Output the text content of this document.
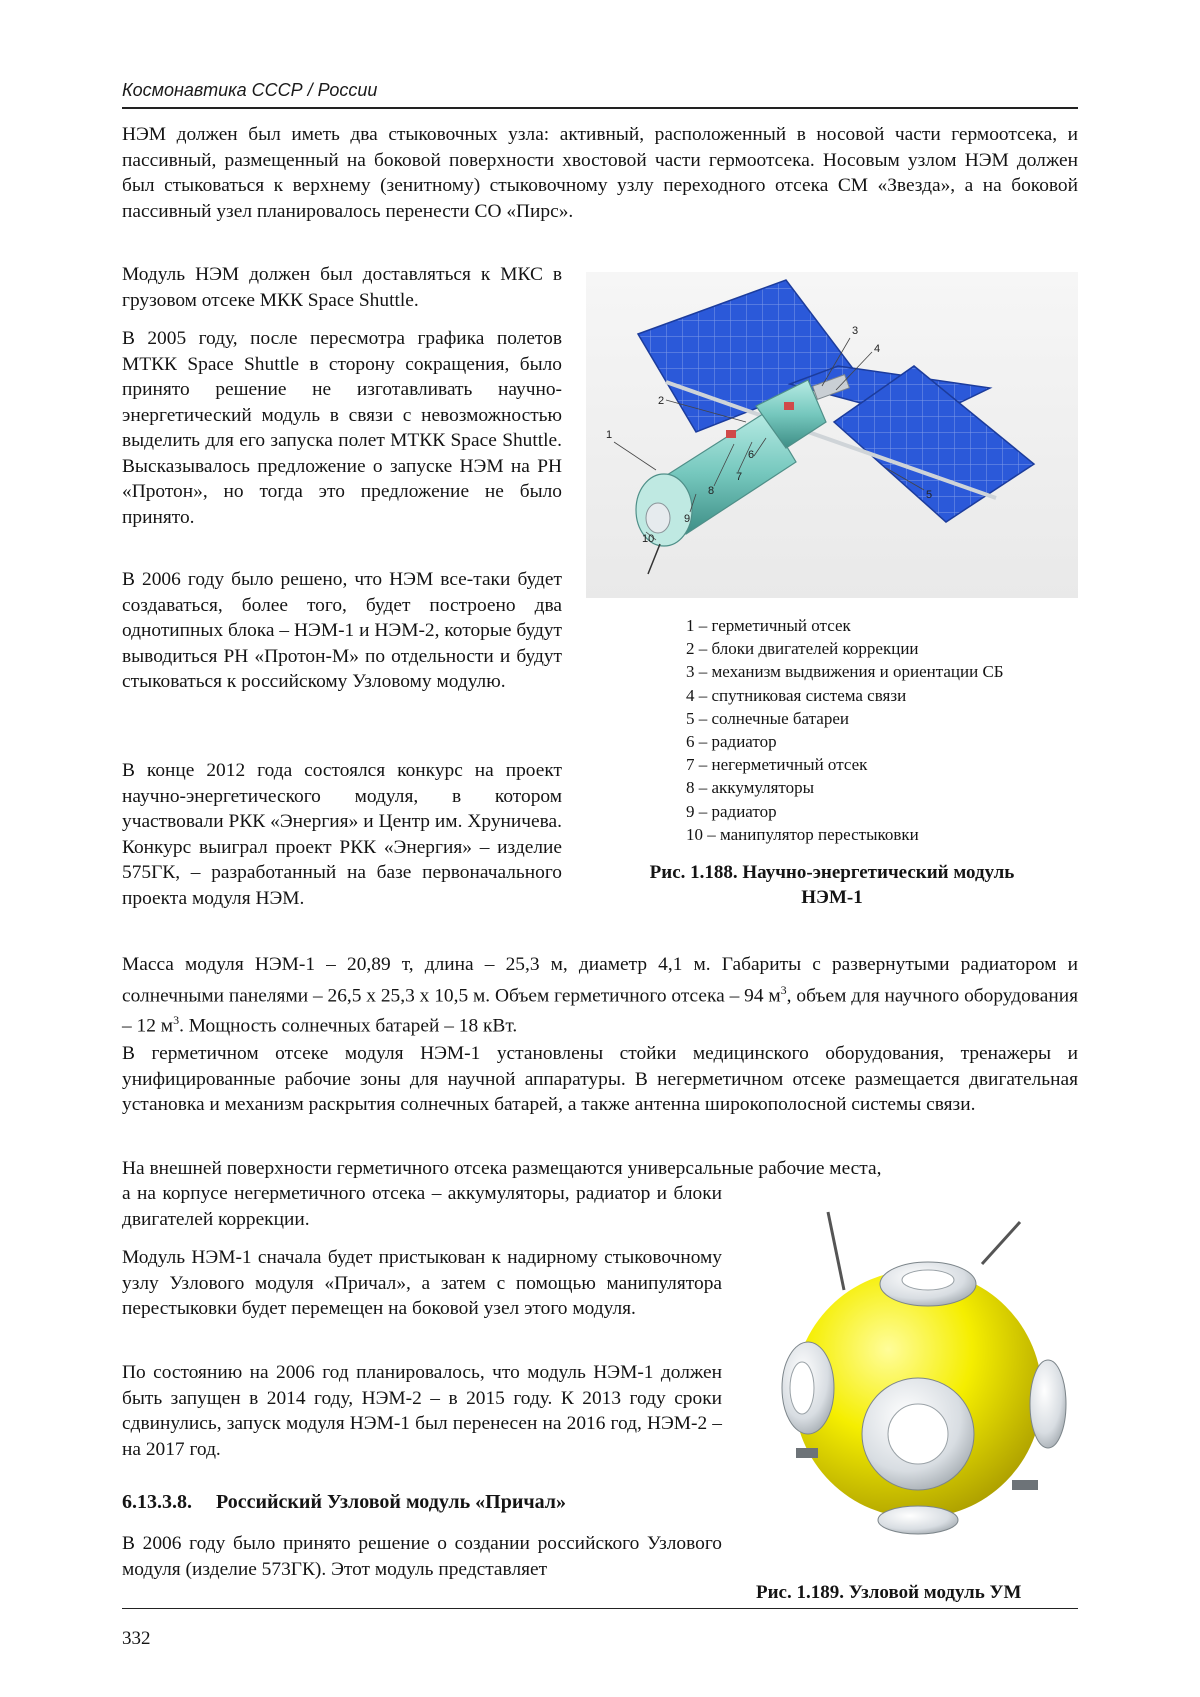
Космонавтика СССР / России

НЭМ должен был иметь два стыковочных узла: активный, расположенный в носовой части гермоотсека, и пассивный, размещенный на боковой поверхности хвостовой части гермоотсека. Носовым узлом НЭМ должен был стыковаться к верхнему (зенитному) стыковочному узлу переходного отсека СМ «Звезда», а на боковой пассивный узел планировалось перенести СО «Пирс».

Модуль НЭМ должен был доставляться к МКС в грузовом отсеке МКК Space Shuttle.

В 2005 году, после пересмотра графика полетов МТКК Space Shuttle в сторону сокращения, было принято решение не изготавливать научно-энергетический модуль в связи с невозможностью выделить для его запуска полет МТКК Space Shuttle. Высказывалось предложение о запуске НЭМ на РН «Протон», но тогда это предложение не было принято.

В 2006 году было решено, что НЭМ все-таки будет создаваться, более того, будет построено два однотипных блока – НЭМ-1 и НЭМ-2, которые будут выводиться РН «Протон-М» по отдельности и будут стыковаться к российскому Узловому модулю.

В конце 2012 года состоялся конкурс на проект научно-энергетического модуля, в котором участвовали РКК «Энергия» и Центр им. Хруничева. Конкурс выиграл проект РКК «Энергия» – изделие 575ГК, – разработанный на базе первоначального проекта модуля НЭМ.

1
2
3
4
5
6
7
8
9
10
1 – герметичный отсек
2 – блоки двигателей коррекции
3 – механизм выдвижения и ориентации СБ
4 – спутниковая система связи
5 – солнечные батареи
6 – радиатор
7 – негерметичный отсек
8 – аккумуляторы
9 – радиатор
10 – манипулятор перестыковки
Рис. 1.188. Научно-энергетический модуль
НЭМ-1

Масса модуля НЭМ-1 – 20,89 т, длина – 25,3 м, диаметр 4,1 м. Габариты с развернутыми радиатором и солнечными панелями – 26,5 х 25,3 х 10,5 м. Объем герметичного отсека – 94 $м^3$, объем для научного оборудования – 12 $м^3$. Мощность солнечных батарей – 18 кВт.

В герметичном отсеке модуля НЭМ-1 установлены стойки медицинского оборудования, тренажеры и унифицированные рабочие зоны для научной аппаратуры. В негерметичном отсеке размещается двигательная установка и механизм раскрытия солнечных батарей, а также антенна широкополосной системы связи.

На внешней поверхности герметичного отсека размещаются универсальные рабочие места,

а на корпусе негерметичного отсека – аккумуляторы, радиатор и блоки двигателей коррекции.

Модуль НЭМ-1 сначала будет пристыкован к надирному стыковочному узлу Узлового модуля «Причал», а затем с помощью манипулятора перестыковки будет перемещен на боковой узел этого модуля.

По состоянию на 2006 год планировалось, что модуль НЭМ-1 должен быть запущен в 2014 году, НЭМ-2 – в 2015 году. К 2013 году сроки сдвинулись, запуск модуля НЭМ-1 был перенесен на 2016 год, НЭМ-2 – на 2017 год.

6.13.3.8. Российский Узловой модуль «Причал»

В 2006 году было принято решение о создании российского Узлового модуля (изделие 573ГК). Этот модуль представляет

Рис. 1.189. Узловой модуль УМ
332
